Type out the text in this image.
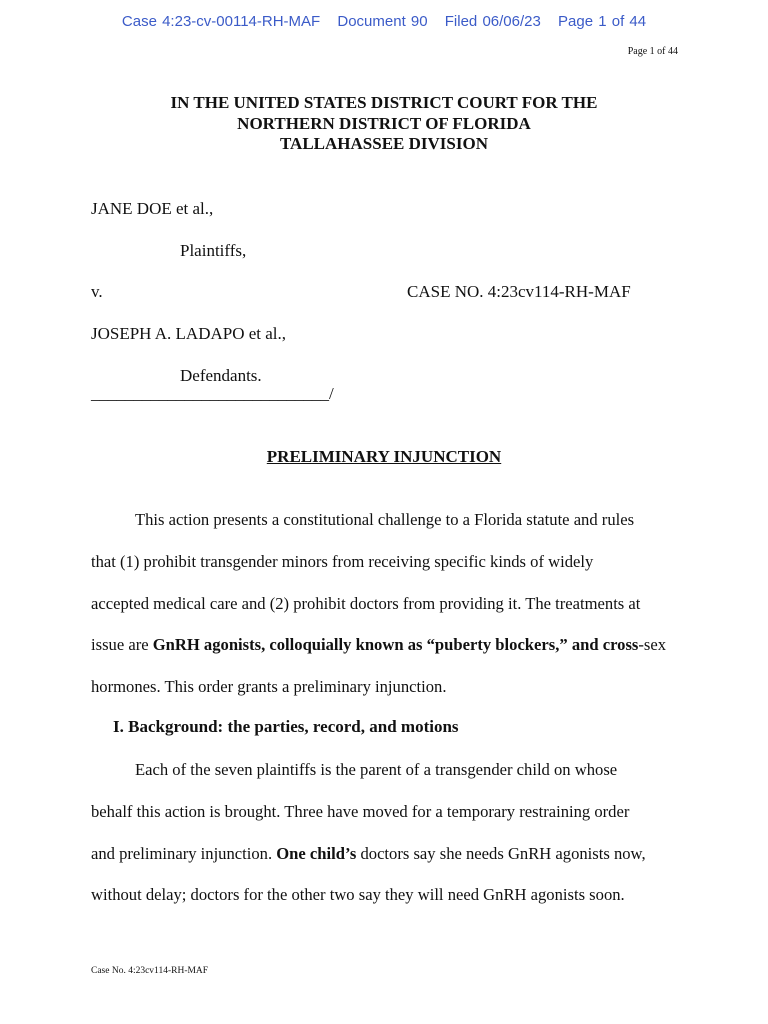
Case 4:23-cv-00114-RH-MAF Document 90 Filed 06/06/23 Page 1 of 44
Page 1 of 44
IN THE UNITED STATES DISTRICT COURT FOR THE
NORTHERN DISTRICT OF FLORIDA
TALLAHASSEE DIVISION
JANE DOE et al.,
Plaintiffs,
v.	CASE NO. 4:23cv114-RH-MAF
JOSEPH A. LADAPO et al.,
Defendants.
____________________________/
PRELIMINARY INJUNCTION
This action presents a constitutional challenge to a Florida statute and rules
that (1) prohibit transgender minors from receiving specific kinds of widely
accepted medical care and (2) prohibit doctors from providing it. The treatments at
issue are GnRH agonists, colloquially known as “puberty blockers,” and cross-sex
hormones. This order grants a preliminary injunction.
I. Background: the parties, record, and motions
Each of the seven plaintiffs is the parent of a transgender child on whose
behalf this action is brought. Three have moved for a temporary restraining order
and preliminary injunction. One child’s doctors say she needs GnRH agonists now,
without delay; doctors for the other two say they will need GnRH agonists soon.
Case No. 4:23cv114-RH-MAF
